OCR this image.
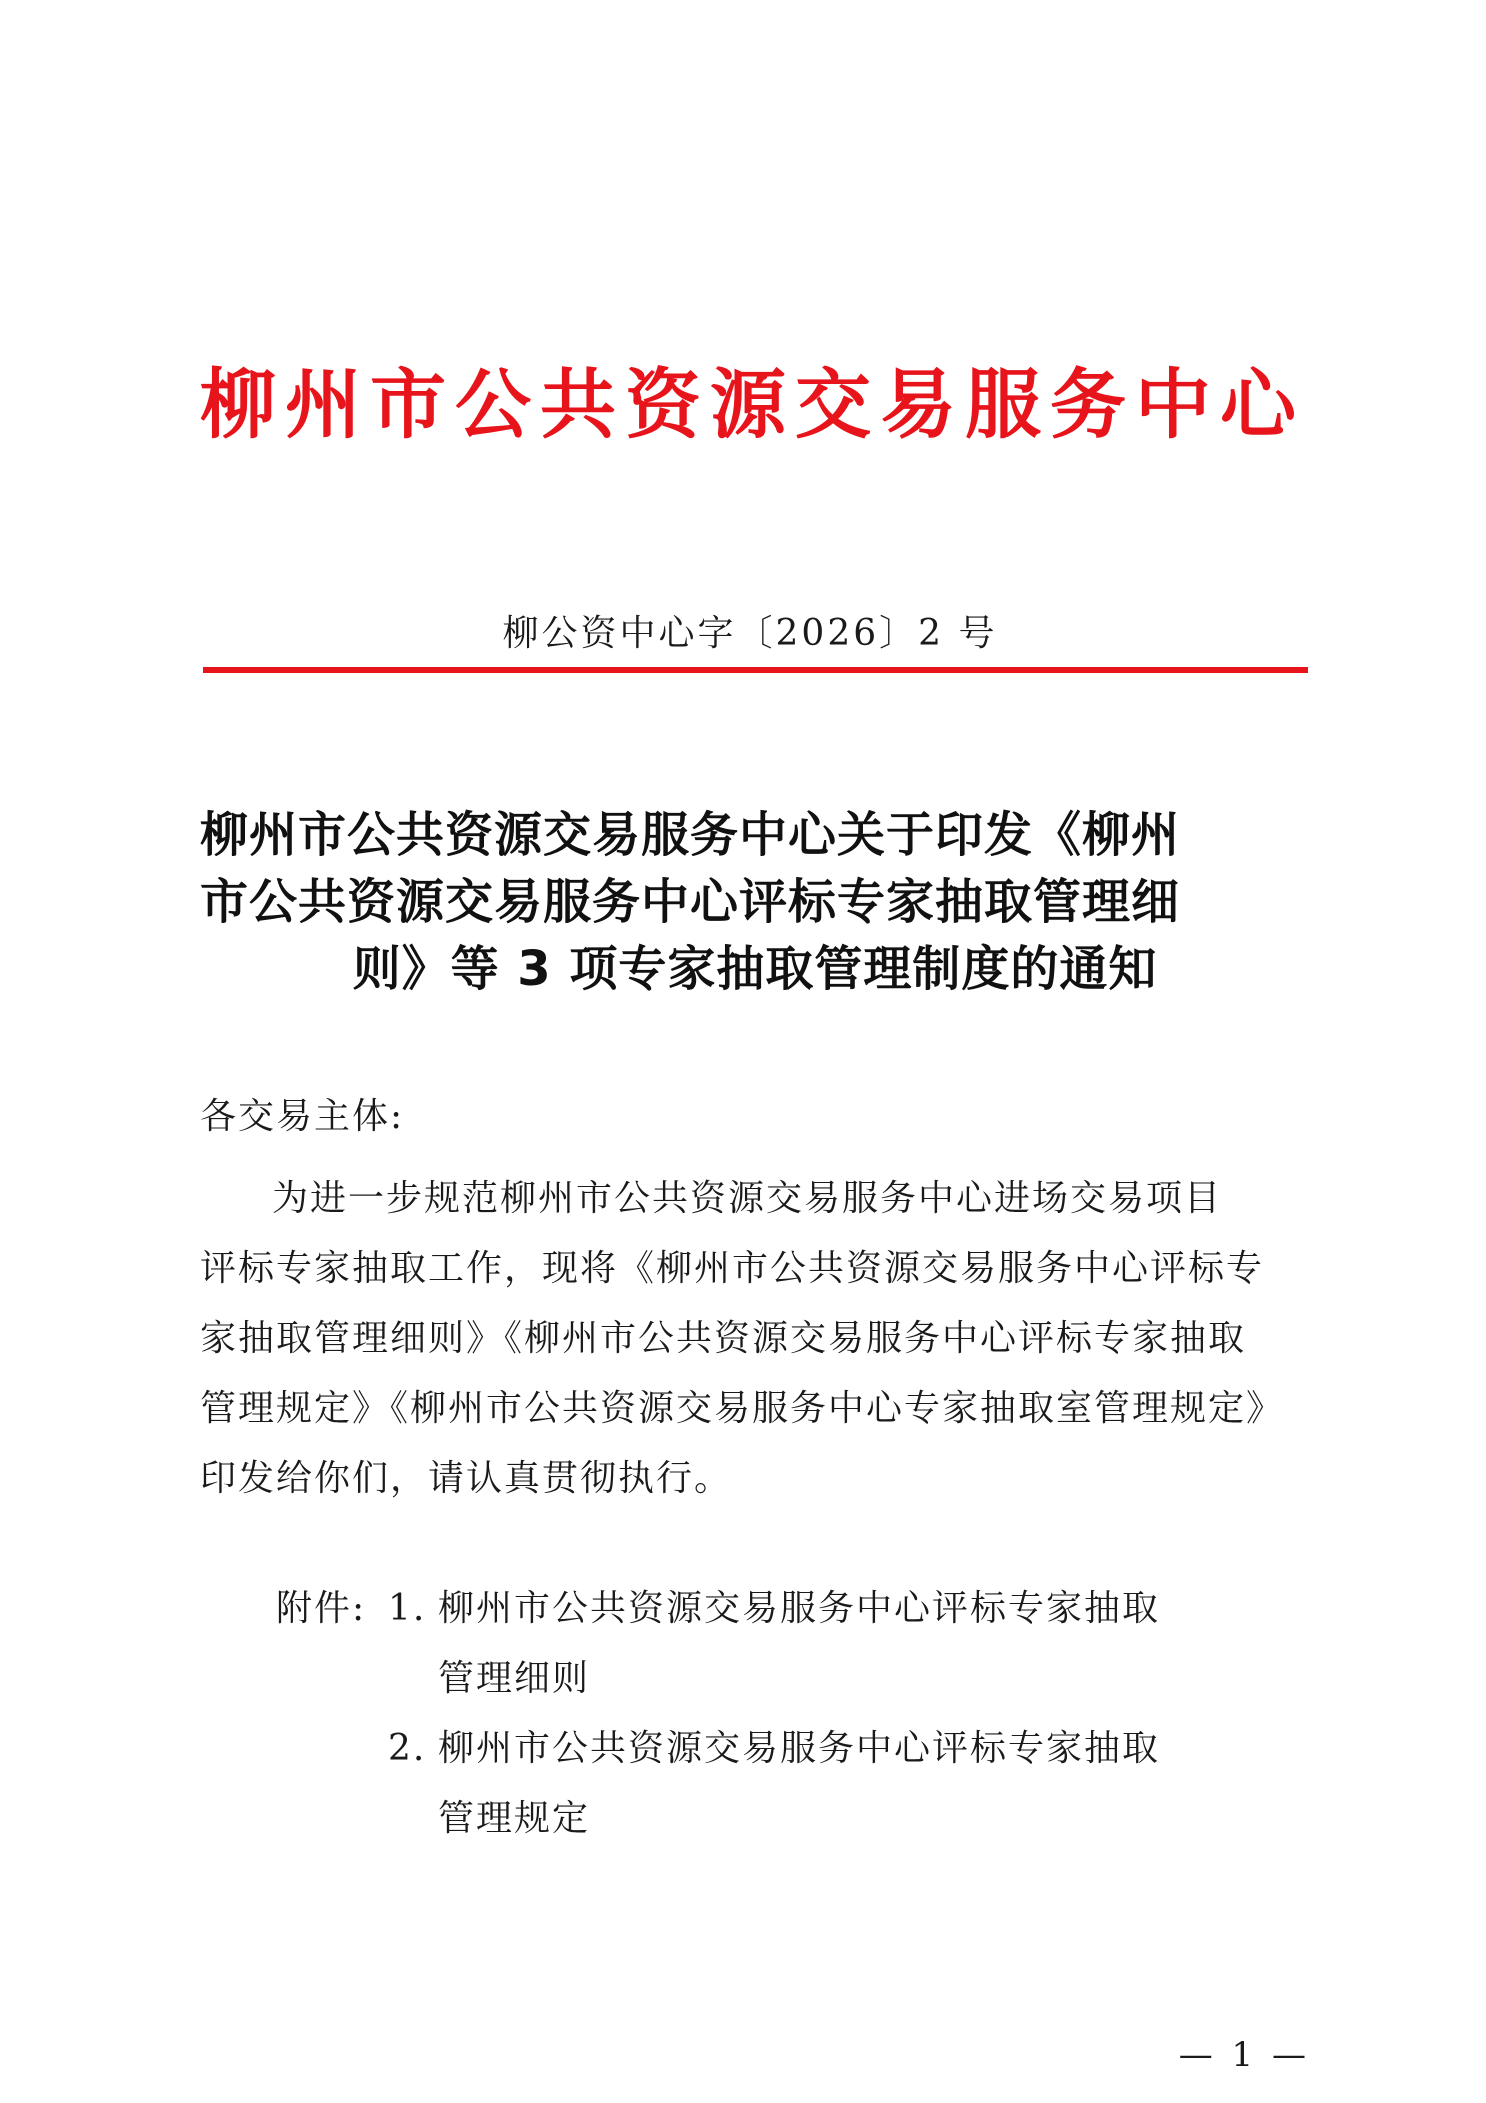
柳州市公共资源交易服务中心
柳公资中心字〔2026〕2 号
柳州市公共资源交易服务中心关于印发《柳州
市公共资源交易服务中心评标专家抽取管理细
则》等 3 项专家抽取管理制度的通知
各交易主体:
为进一步规范柳州市公共资源交易服务中心进场交易项目
评标专家抽取工作，现将《柳州市公共资源交易服务中心评标专
家抽取管理细则》《柳州市公共资源交易服务中心评标专家抽取
管理规定》《柳州市公共资源交易服务中心专家抽取室管理规定》
印发给你们，请认真贯彻执行。
附件: 1. 柳州市公共资源交易服务中心评标专家抽取
管理细则
2. 柳州市公共资源交易服务中心评标专家抽取
管理规定
— 1 —
